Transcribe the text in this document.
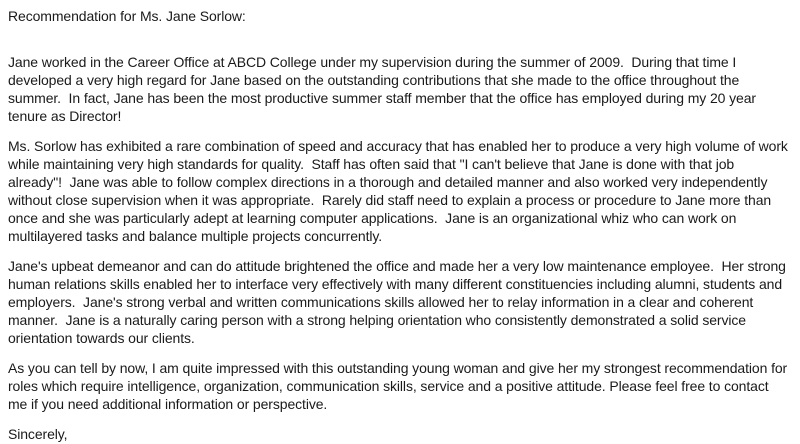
Recommendation for Ms. Jane Sorlow:

Jane worked in the Career Office at ABCD College under my supervision during the summer of 2009.  During that time I developed a very high regard for Jane based on the outstanding contributions that she made to the office throughout the summer.  In fact, Jane has been the most productive summer staff member that the office has employed during my 20 year tenure as Director!

Ms. Sorlow has exhibited a rare combination of speed and accuracy that has enabled her to produce a very high volume of work while maintaining very high standards for quality.  Staff has often said that "I can't believe that Jane is done with that job already"!  Jane was able to follow complex directions in a thorough and detailed manner and also worked very independently without close supervision when it was appropriate.  Rarely did staff need to explain a process or procedure to Jane more than once and she was particularly adept at learning computer applications.  Jane is an organizational whiz who can work on multilayered tasks and balance multiple projects concurrently.

Jane's upbeat demeanor and can do attitude brightened the office and made her a very low maintenance employee.  Her strong human relations skills enabled her to interface very effectively with many different constituencies including alumni, students and employers.  Jane's strong verbal and written communications skills allowed her to relay information in a clear and coherent manner.  Jane is a naturally caring person with a strong helping orientation who consistently demonstrated a solid service orientation towards our clients.

As you can tell by now, I am quite impressed with this outstanding young woman and give her my strongest recommendation for roles which require intelligence, organization, communication skills, service and a positive attitude. Please feel free to contact me if you need additional information or perspective.

Sincerely,
